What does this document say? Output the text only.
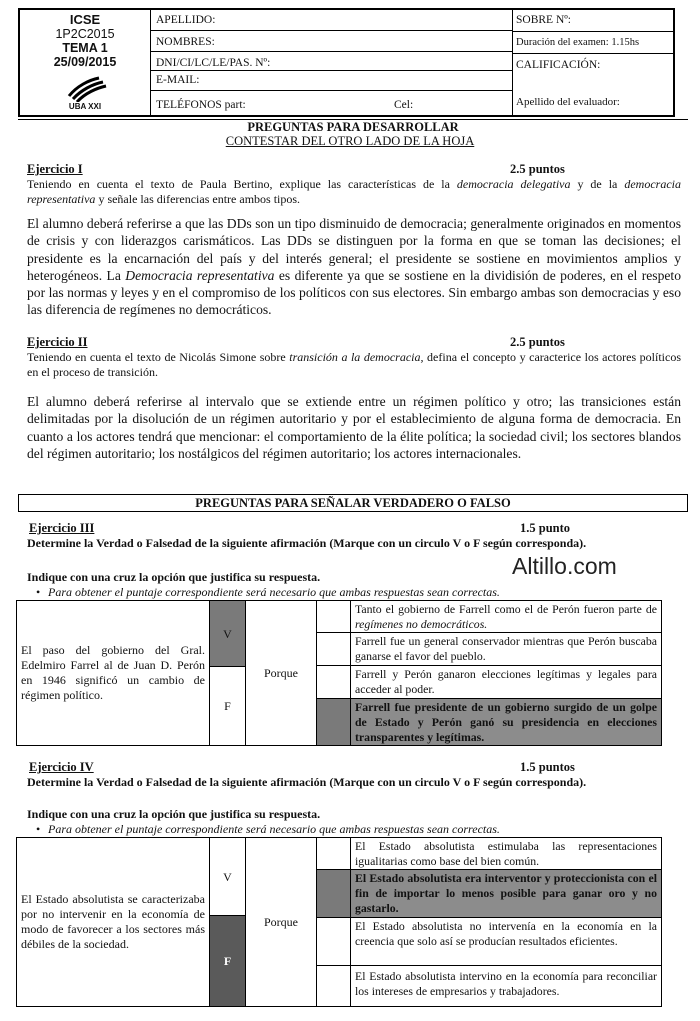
ICSE
1P2C2015
TEMA 1
25/09/2015
UBA XXI
APELLIDO:
NOMBRES:
DNI/CI/LC/LE/PAS. Nº:
E-MAIL:
TELÉFONOS part:	Cel:
SOBRE Nº:
Duración del examen: 1.15hs
CALIFICACIÓN:
Apellido del evaluador:
PREGUNTAS PARA DESARROLLAR
CONTESTAR DEL OTRO LADO DE LA HOJA
Ejercicio I	2.5 puntos
Teniendo en cuenta el texto de Paula Bertino, explique las características de la democracia delegativa y de la democracia representativa y señale las diferencias entre ambos tipos.
El alumno deberá referirse a que las DDs son un tipo disminuido de democracia; generalmente originados en momentos de crisis y con liderazgos carismáticos. Las DDs se distinguen por la forma en que se toman las decisiones; el presidente es la encarnación del país y del interés general; el presidente se sostiene en movimientos amplios y heterogéneos. La Democracia representativa es diferente ya que se sostiene en la dividisión de poderes, en el respeto por las normas y leyes y en el compromiso de los políticos con sus electores. Sin embargo ambas son democracias y eso las diferencia de regímenes no democráticos.
Ejercicio II	2.5 puntos
Teniendo en cuenta el texto de Nicolás Simone sobre transición a la democracia, defina el concepto y caracterice los actores políticos en el proceso de transición.
El alumno deberá referirse al intervalo que se extiende entre un régimen político y otro; las transiciones están delimitadas por la disolución de un régimen autoritario y por el establecimiento de alguna forma de democracia. En cuanto a los actores tendrá que mencionar: el comportamiento de la élite política; la sociedad civil; los sectores blandos del régimen autoritario; los nostálgicos del régimen autoritario; los actores internacionales.
PREGUNTAS PARA SEÑALAR VERDADERO O FALSO
Ejercicio III	1.5 punto
Determine la Verdad o Falsedad de la siguiente afirmación (Marque con un circulo V o F según corresponda).
Indique con una cruz la opción que justifica su respuesta.
• Para obtener el puntaje correspondiente será necesario que ambas respuestas sean correctas.
Altillo.com
El paso del gobierno del Gral. Edelmiro Farrel al de Juan D. Perón en 1946 significó un cambio de régimen político.
V
F
Porque
Tanto el gobierno de Farrell como el de Perón fueron parte de regímenes no democráticos.
Farrell fue un general conservador mientras que Perón buscaba ganarse el favor del pueblo.
Farrell y Perón ganaron elecciones legítimas y legales para acceder al poder.
Farrell fue presidente de un gobierno surgido de un golpe de Estado y Perón ganó su presidencia en elecciones transparentes y legítimas.
Ejercicio IV	1.5 puntos
Determine la Verdad o Falsedad de la siguiente afirmación (Marque con un circulo V o F según corresponda).
Indique con una cruz la opción que justifica su respuesta.
• Para obtener el puntaje correspondiente será necesario que ambas respuestas sean correctas.
El Estado absolutista se caracterizaba por no intervenir en la economía de modo de favorecer a los sectores más débiles de la sociedad.
V
F
Porque
El Estado absolutista estimulaba las representaciones igualitarias como base del bien común.
El Estado absolutista era interventor y proteccionista con el fin de importar lo menos posible para ganar oro y no gastarlo.
El Estado absolutista no intervenía en la economía en la creencia que solo así se producían resultados eficientes.
El Estado absolutista intervino en la economía para reconciliar los intereses de empresarios y trabajadores.
